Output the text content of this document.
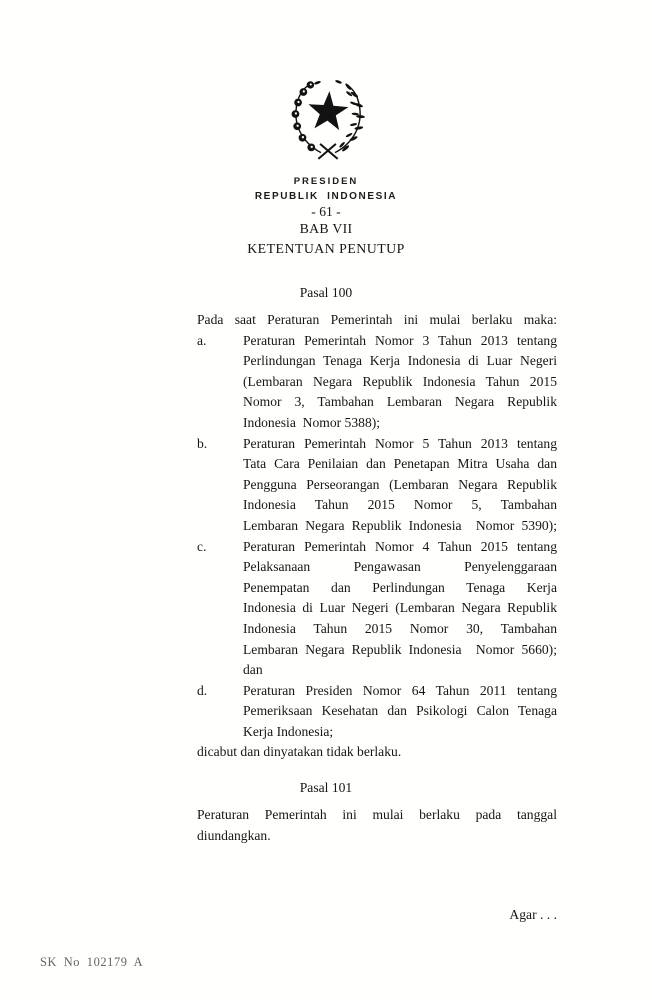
PRESIDEN
REPUBLIK INDONESIA
- 61 -
BAB VII
KETENTUAN PENUTUP
Pasal 100
Pada saat Peraturan Pemerintah ini mulai berlaku maka:
a.	Peraturan Pemerintah Nomor 3 Tahun 2013 tentang
Perlindungan Tenaga Kerja Indonesia di Luar Negeri
(Lembaran Negara Republik Indonesia Tahun 2015
Nomor 3, Tambahan Lembaran Negara Republik
Indonesia  Nomor 5388);
b.	Peraturan Pemerintah Nomor 5 Tahun 2013 tentang
Tata Cara Penilaian dan Penetapan Mitra Usaha dan
Pengguna Perseorangan (Lembaran Negara Republik
Indonesia Tahun 2015 Nomor 5, Tambahan
Lembaran Negara Republik Indonesia  Nomor 5390);
c.	Peraturan Pemerintah Nomor 4 Tahun 2015 tentang
Pelaksanaan Pengawasan Penyelenggaraan
Penempatan dan Perlindungan Tenaga Kerja
Indonesia di Luar Negeri (Lembaran Negara Republik
Indonesia Tahun 2015 Nomor 30, Tambahan
Lembaran Negara Republik Indonesia  Nomor 5660);
dan
d.	Peraturan Presiden Nomor 64 Tahun 2011 tentang
Pemeriksaan Kesehatan dan Psikologi Calon Tenaga
Kerja Indonesia;
dicabut dan dinyatakan tidak berlaku.
Pasal 101
Peraturan Pemerintah ini mulai berlaku pada tanggal
diundangkan.
Agar . . .
SK No 102179 A
